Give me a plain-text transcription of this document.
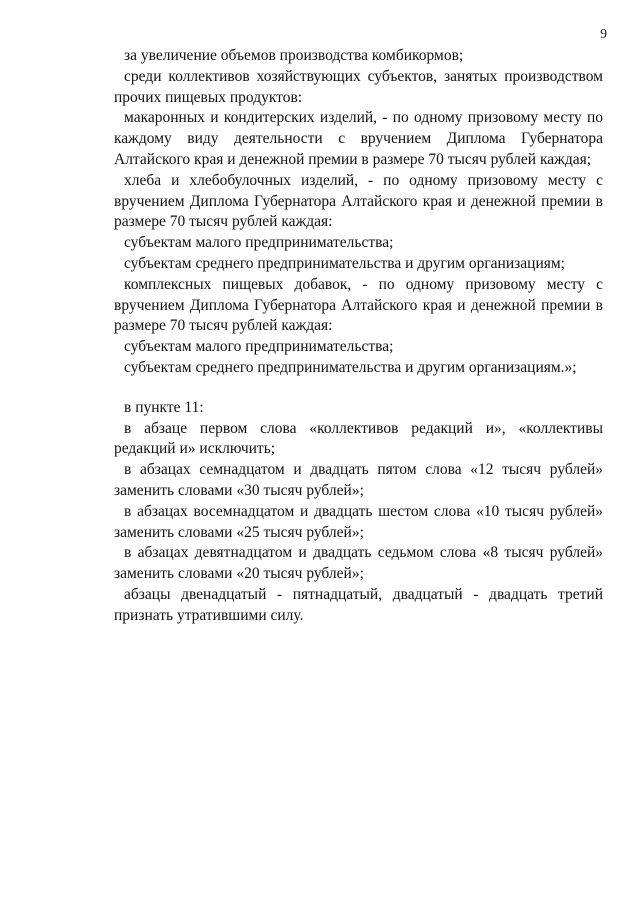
9

за увеличение объемов производства комбикормов;

среди коллективов хозяйствующих субъектов, занятых производством прочих пищевых продуктов:

макаронных и кондитерских изделий, - по одному призовому месту по каждому виду деятельности с вручением Диплома Губернатора Алтайского края и денежной премии в размере 70 тысяч рублей каждая;

хлеба и хлебобулочных изделий, - по одному призовому месту с вручением Диплома Губернатора Алтайского края и денежной премии в размере 70 тысяч рублей каждая:

субъектам малого предпринимательства;

субъектам среднего предпринимательства и другим организациям;

комплексных пищевых добавок, - по одному призовому месту с вручением Диплома Губернатора Алтайского края и денежной премии в размере 70 тысяч рублей каждая:

субъектам малого предпринимательства;

субъектам среднего предпринимательства и другим организациям.»;

в пункте 11:

в абзаце первом слова «коллективов редакций и», «коллективы редакций и» исключить;

в абзацах семнадцатом и двадцать пятом слова «12 тысяч рублей» заменить словами «30 тысяч рублей»;

в абзацах восемнадцатом и двадцать шестом слова «10 тысяч рублей» заменить словами «25 тысяч рублей»;

в абзацах девятнадцатом и двадцать седьмом слова «8 тысяч рублей» заменить словами «20 тысяч рублей»;

абзацы двенадцатый - пятнадцатый, двадцатый - двадцать третий признать утратившими силу.
